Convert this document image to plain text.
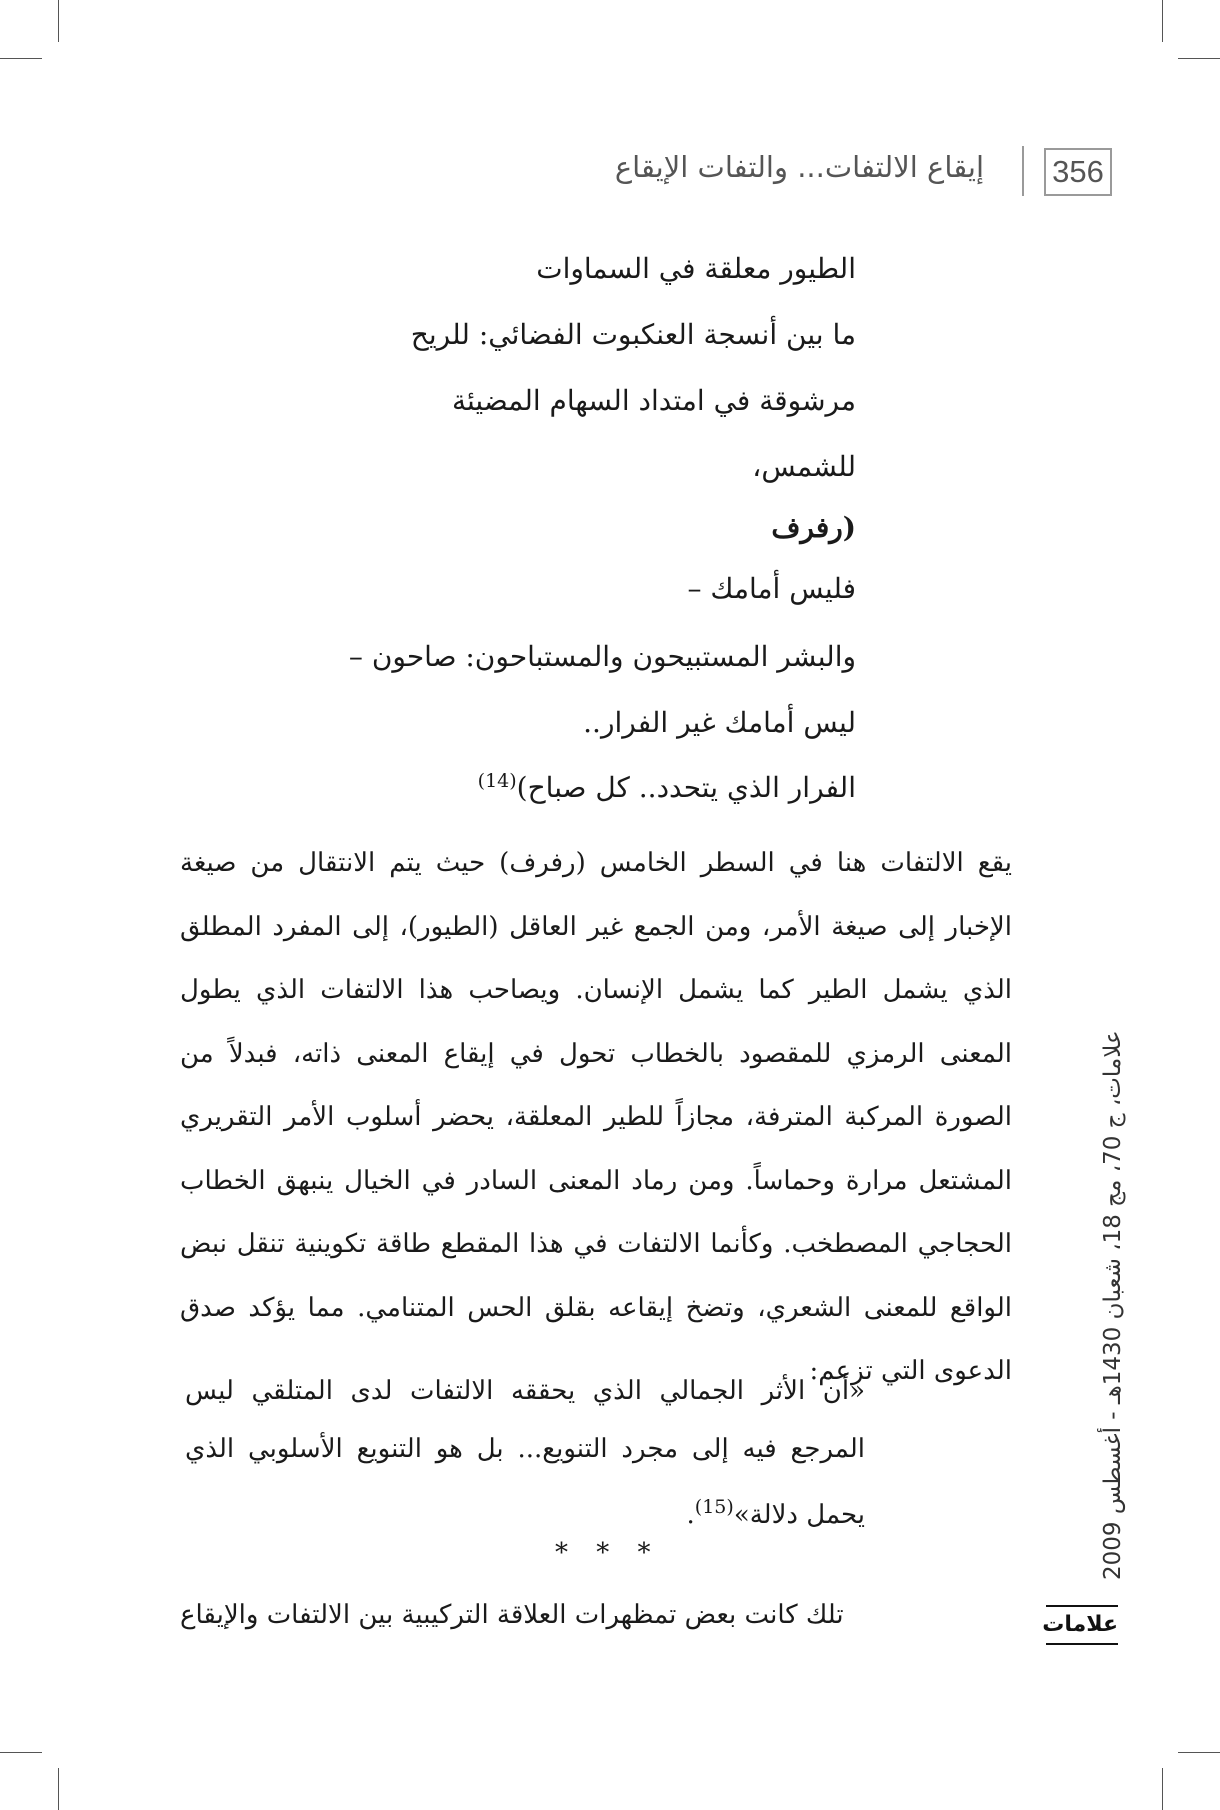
356
إيقاع الالتفات... والتفات الإيقاع
الطيور معلقة في السماوات
ما بين أنسجة العنكبوت الفضائي: للريح
مرشوقة في امتداد السهام المضيئة
للشمس،
(رفرف
فليس أمامك –
والبشر المستبيحون والمستباحون: صاحون –
ليس أمامك غير الفرار..
الفرار الذي يتحدد.. كل صباح)$^{(14)}$
يقع الالتفات هنا في السطر الخامس (رفرف) حيث يتم الانتقال من صيغة الإخبار إلى صيغة الأمر، ومن الجمع غير العاقل (الطيور)، إلى المفرد المطلق الذي يشمل الطير كما يشمل الإنسان. ويصاحب هذا الالتفات الذي يطول المعنى الرمزي للمقصود بالخطاب تحول في إيقاع المعنى ذاته، فبدلاً من الصورة المركبة المترفة، مجازاً للطير المعلقة، يحضر أسلوب الأمر التقريري المشتعل مرارة وحماساً. ومن رماد المعنى السادر في الخيال ينبهق الخطاب الحجاجي المصطخب. وكأنما الالتفات في هذا المقطع طاقة تكوينية تنقل نبض الواقع للمعنى الشعري، وتضخ إيقاعه بقلق الحس المتنامي. مما يؤكد صدق الدعوى التي تزعم:
«أن الأثر الجمالي الذي يحققه الالتفات لدى المتلقي ليس المرجع فيه إلى مجرد التنويع... بل هو التنويع الأسلوبي الذي يحمل دلالة»$^{(15)}$.
* * *
تلك كانت بعض تمظهرات العلاقة التركيبية بين الالتفات والإيقاع
علامات، ج 70، مج 18، شعبان 1430هـ - أغسطس 2009
علامات
